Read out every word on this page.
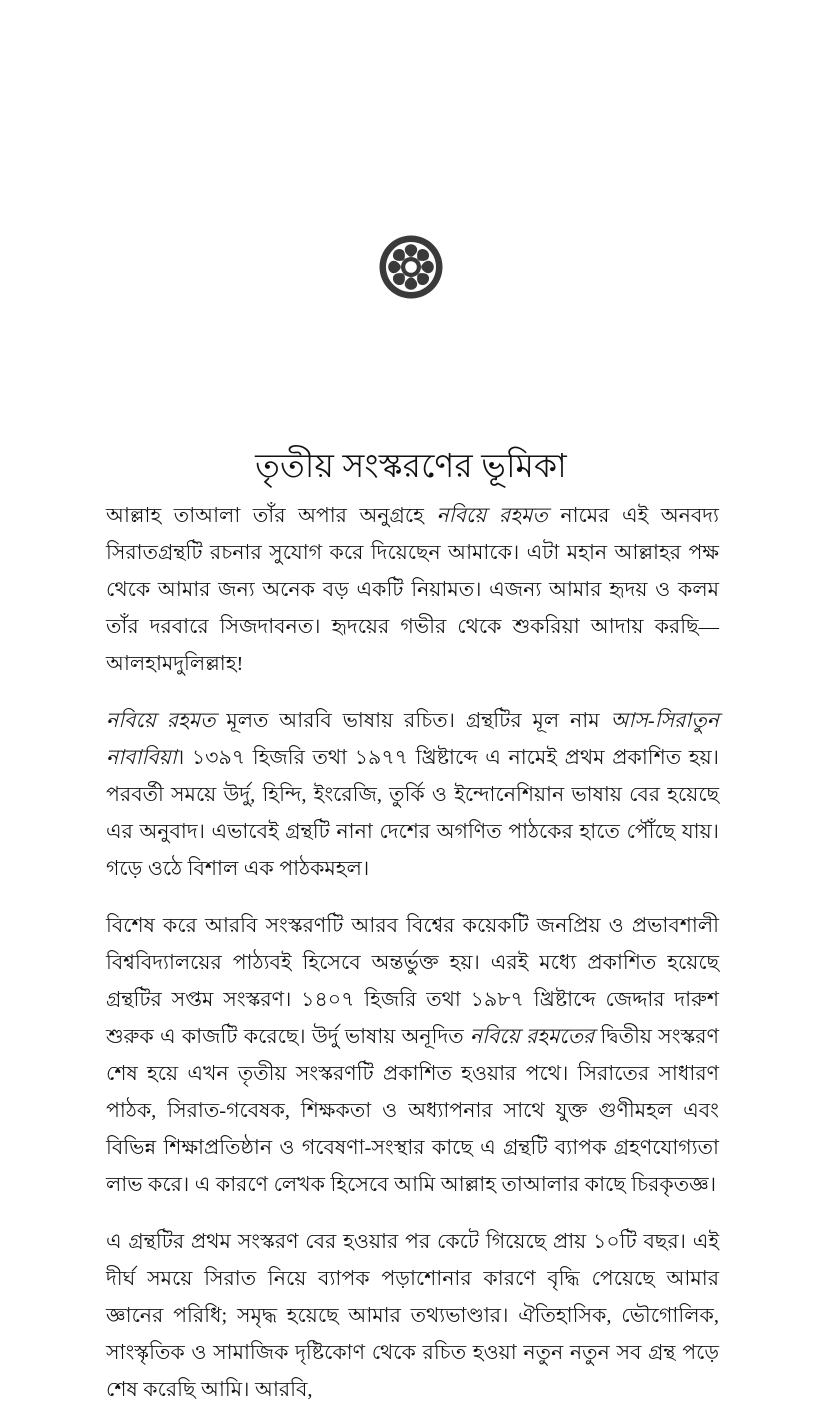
তৃতীয় সংস্করণের ভূমিকা

আল্লাহ তাআলা তাঁর অপার অনুগ্রহে নবিয়ে রহমত নামের এই অনবদ্য সিরাতগ্রন্থটি রচনার সুযোগ করে দিয়েছেন আমাকে। এটা মহান আল্লাহর পক্ষ থেকে আমার জন্য অনেক বড় একটি নিয়ামত। এজন্য আমার হৃদয় ও কলম তাঁর দরবারে সিজদাবনত। হৃদয়ের গভীর থেকে শুকরিয়া আদায় করছি—আলহামদুলিল্লাহ!

নবিয়ে রহমত মূলত আরবি ভাষায় রচিত। গ্রন্থটির মূল নাম আস-সিরাতুন নাবাবিয়া। ১৩৯৭ হিজরি তথা ১৯৭৭ খ্রিষ্টাব্দে এ নামেই প্রথম প্রকাশিত হয়। পরবর্তী সময়ে উর্দু, হিন্দি, ইংরেজি, তুর্কি ও ইন্দোনেশিয়ান ভাষায় বের হয়েছে এর অনুবাদ। এভাবেই গ্রন্থটি নানা দেশের অগণিত পাঠকের হাতে পৌঁছে যায়। গড়ে ওঠে বিশাল এক পাঠকমহল।

বিশেষ করে আরবি সংস্করণটি আরব বিশ্বের কয়েকটি জনপ্রিয় ও প্রভাবশালী বিশ্ববিদ্যালয়ের পাঠ্যবই হিসেবে অন্তর্ভুক্ত হয়। এরই মধ্যে প্রকাশিত হয়েছে গ্রন্থটির সপ্তম সংস্করণ। ১৪০৭ হিজরি তথা ১৯৮৭ খ্রিষ্টাব্দে জেদ্দার দারুশ শুরুক এ কাজটি করেছে। উর্দু ভাষায় অনূদিত নবিয়ে রহমতের দ্বিতীয় সংস্করণ শেষ হয়ে এখন তৃতীয় সংস্করণটি প্রকাশিত হওয়ার পথে। সিরাতের সাধারণ পাঠক, সিরাত-গবেষক, শিক্ষকতা ও অধ্যাপনার সাথে যুক্ত গুণীমহল এবং বিভিন্ন শিক্ষাপ্রতিষ্ঠান ও গবেষণা-সংস্থার কাছে এ গ্রন্থটি ব্যাপক গ্রহণযোগ্যতা লাভ করে। এ কারণে লেখক হিসেবে আমি আল্লাহ তাআলার কাছে চিরকৃতজ্ঞ।

এ গ্রন্থটির প্রথম সংস্করণ বের হওয়ার পর কেটে গিয়েছে প্রায় ১০টি বছর। এই দীর্ঘ সময়ে সিরাত নিয়ে ব্যাপক পড়াশোনার কারণে বৃদ্ধি পেয়েছে আমার জ্ঞানের পরিধি; সমৃদ্ধ হয়েছে আমার তথ্যভাণ্ডার। ঐতিহাসিক, ভৌগোলিক, সাংস্কৃতিক ও সামাজিক দৃষ্টিকোণ থেকে রচিত হওয়া নতুন নতুন সব গ্রন্থ পড়ে শেষ করেছি আমি। আরবি,
